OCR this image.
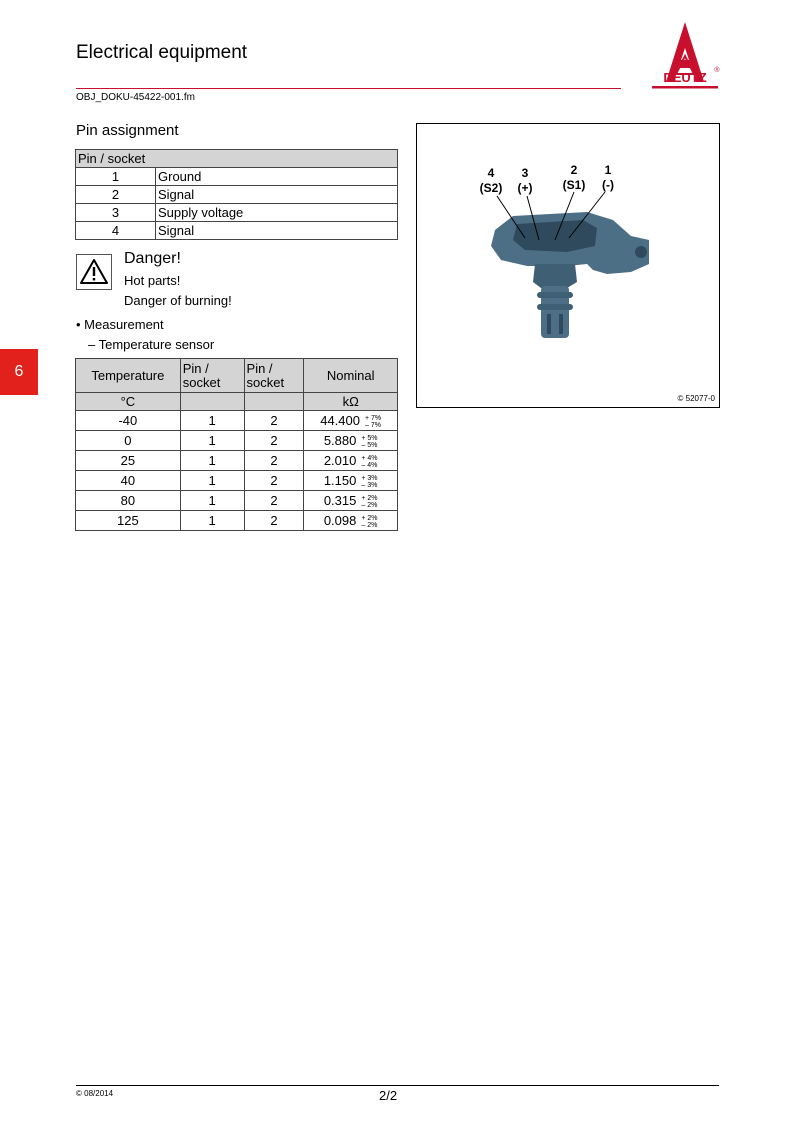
Electrical equipment
OBJ_DOKU-45422-001.fm
DEUTZ ®
Pin assignment
Pin / socket	
1	Ground
2	Signal
3	Supply voltage
4	Signal
Danger!
Hot parts!
Danger of burning!
• Measurement
– Temperature sensor
Temperature	Pin / socket	Pin / socket	Nominal
°C			kΩ
-40	1	2	44.400 + 7%
– 7%
0	1	2	5.880 + 5%
– 5%
25	1	2	2.010 + 4%
– 4%
40	1	2	1.150 + 3%
– 3%
80	1	2	0.315 + 2%
– 2%
125	1	2	0.098 + 2%
– 2%
4
(S2)
3
(+)
2
(S1)
1
(-)
© 52077-0
6
© 08/2014	2/2
